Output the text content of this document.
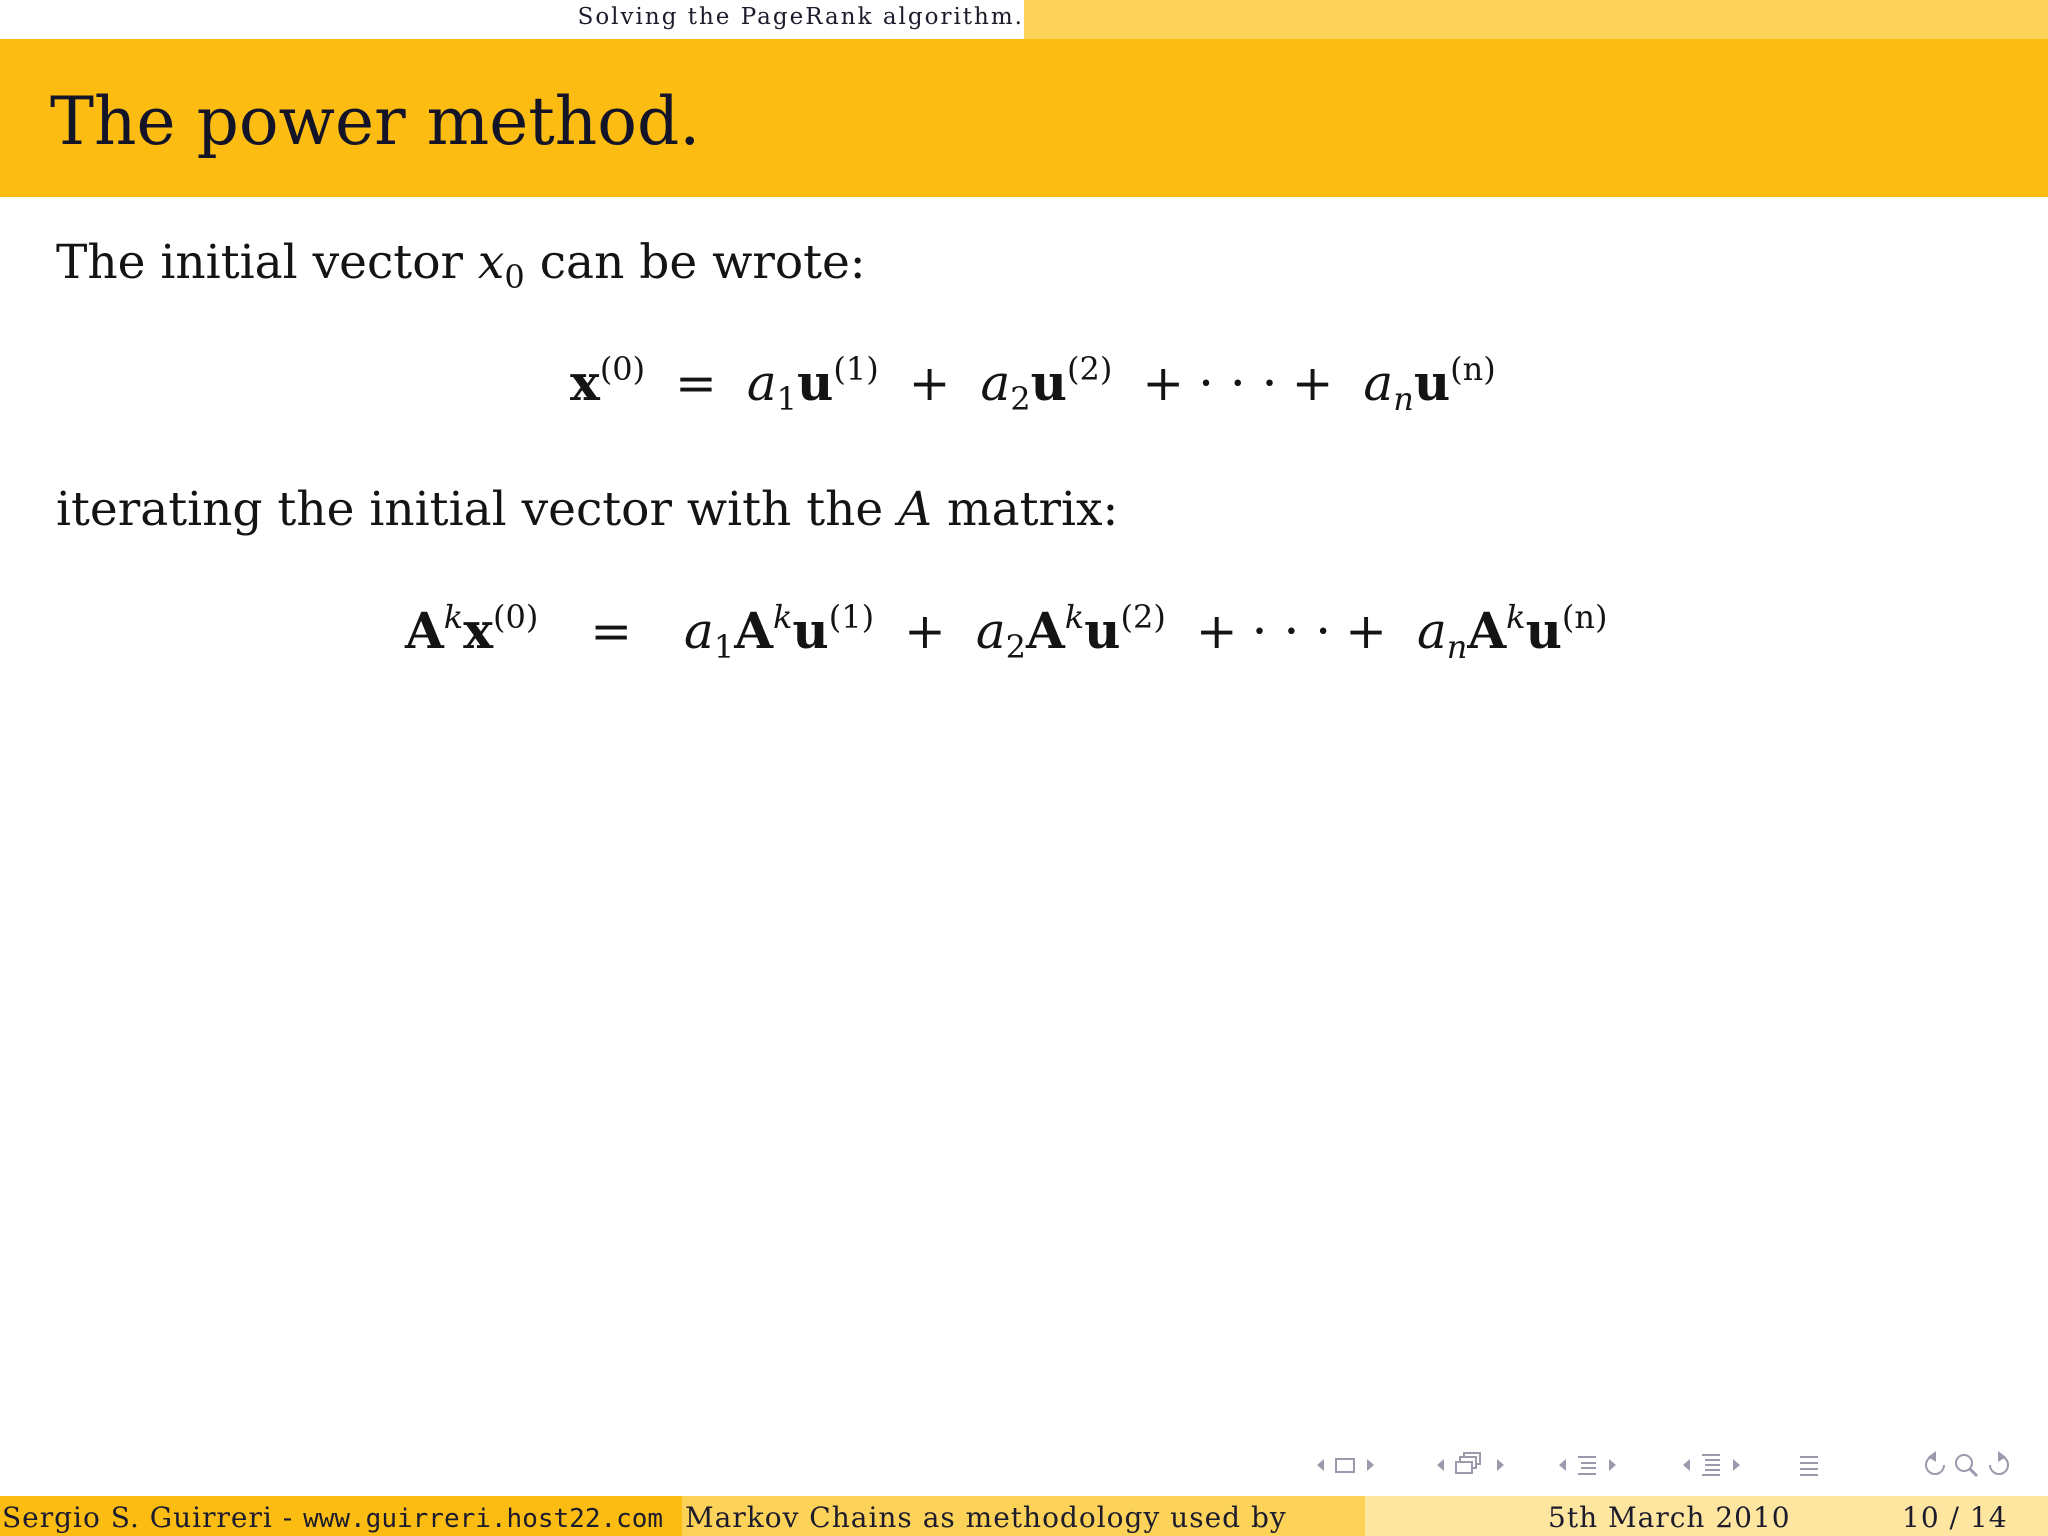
Solving the PageRank algorithm.
The power method.
The initial vector $x_0$ can be wrote:
$x^{(0)} = a_1u^{(1)} + a_2u^{(2)}$ + · · · + $a_nu^{(n)}$
iterating the initial vector with the A matrix:
$A^kx^{(0)} = a_1A^ku^{(1)} + a_2A^ku^{(2)}$ + · · · + $a_nA^ku^{(n)}$
Sergio S. Guirreri - www.guirreri.host22.com Markov Chains as methodology used by	5th March 2010	10 / 14
